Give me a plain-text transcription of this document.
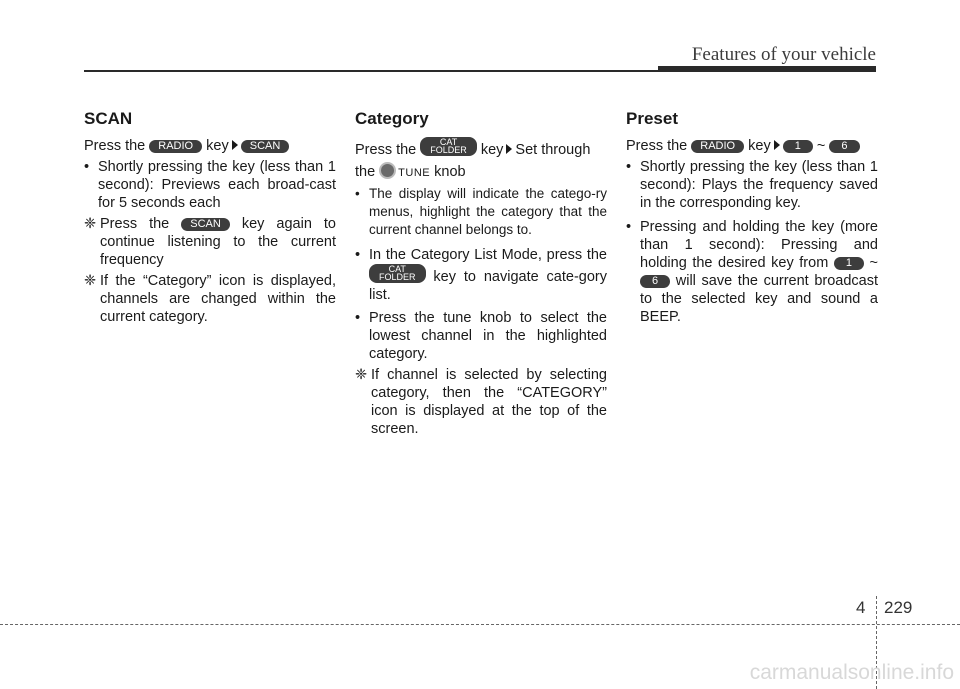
Features of your vehicle
SCAN

Press the RADIO key SCAN

• Shortly pressing the key (less than 1 second): Previews each broad-cast for 5 seconds each

❈ Press the SCAN key again to continue listening to the current frequency

❈ If the “Category” icon is displayed, channels are changed within the current category.

Category

Press the	CAT
FOLDER key Set through

the TUNE knob

• The display will indicate the catego-ry menus, highlight the category that the current channel belongs to.

• In the Category List Mode, press the CAT
FOLDER key to navigate cate-gory list.

• Press the tune knob to select the lowest channel in the highlighted category.

❈ If channel is selected by selecting category, then the “CATEGORY” icon is displayed at the top of the screen.

Preset

Press the RADIO key 1 ~ 6

• Shortly pressing the key (less than 1 second): Plays the frequency saved in the corresponding key.

• Pressing and holding the key (more than 1 second): Pressing and holding the desired key from 1 ~ 6 will save the current broadcast to the selected key and sound a BEEP.

4 229
carmanualsonline.info
